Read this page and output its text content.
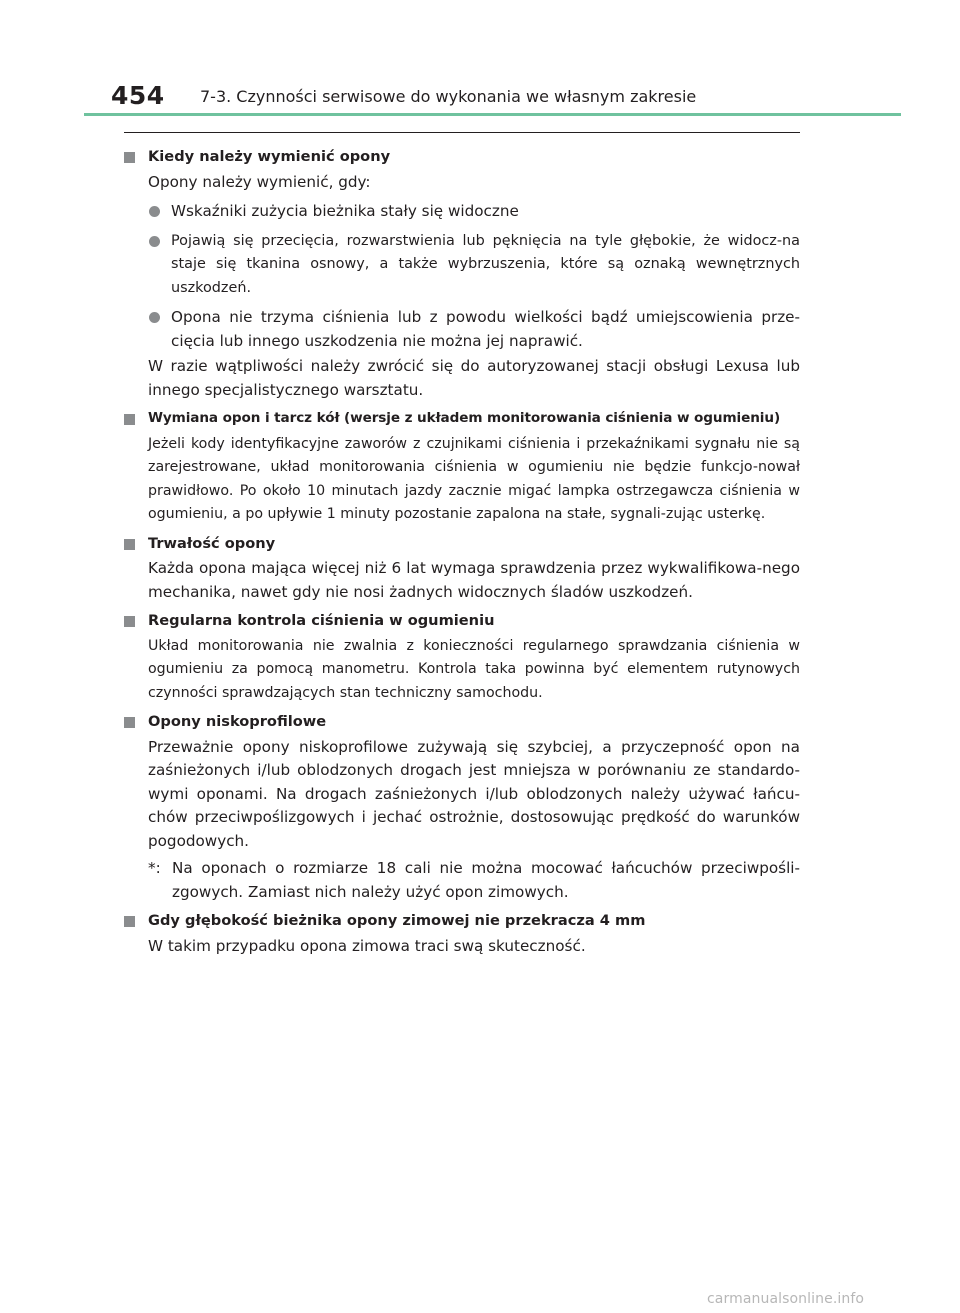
454 7-3. Czynności serwisowe do wykonania we własnym zakresie
Kiedy należy wymienić opony
Opony należy wymienić, gdy:
Wskaźniki zużycia bieżnika stały się widoczne
Pojawią się przecięcia, rozwarstwienia lub pęknięcia na tyle głębokie, że widocz-na staje się tkanina osnowy, a także wybrzuszenia, które są oznaką wewnętrznych uszkodzeń.
Opona nie trzyma ciśnienia lub z powodu wielkości bądź umiejscowienia prze-cięcia lub innego uszkodzenia nie można jej naprawić.
W razie wątpliwości należy zwrócić się do autoryzowanej stacji obsługi Lexusa lub innego specjalistycznego warsztatu.
Wymiana opon i tarcz kół (wersje z układem monitorowania ciśnienia w ogumieniu)
Jeżeli kody identyfikacyjne zaworów z czujnikami ciśnienia i przekaźnikami sygnału nie są zarejestrowane, układ monitorowania ciśnienia w ogumieniu nie będzie funkcjo-nował prawidłowo. Po około 10 minutach jazdy zacznie migać lampka ostrzegawcza ciśnienia w ogumieniu, a po upływie 1 minuty pozostanie zapalona na stałe, sygnali-zując usterkę.
Trwałość opony
Każda opona mająca więcej niż 6 lat wymaga sprawdzenia przez wykwalifikowa-nego mechanika, nawet gdy nie nosi żadnych widocznych śladów uszkodzeń.
Regularna kontrola ciśnienia w ogumieniu
Układ monitorowania nie zwalnia z konieczności regularnego sprawdzania ciśnienia w ogumieniu za pomocą manometru. Kontrola taka powinna być elementem rutynowych czynności sprawdzających stan techniczny samochodu.
Opony niskoprofilowe
Przeważnie opony niskoprofilowe zużywają się szybciej, a przyczepność opon na zaśnieżonych i/lub oblodzonych drogach jest mniejsza w porównaniu ze standardo-wymi oponami. Na drogach zaśnieżonych i/lub oblodzonych należy używać łańcu-chów przeciwpoślizgowych i jechać ostrożnie, dostosowując prędkość do warunków pogodowych.
*: Na oponach o rozmiarze 18 cali nie można mocować łańcuchów przeciwpośli-zgowych. Zamiast nich należy użyć opon zimowych.
Gdy głębokość bieżnika opony zimowej nie przekracza 4 mm
W takim przypadku opona zimowa traci swą skuteczność.
carmanualsonline.info
